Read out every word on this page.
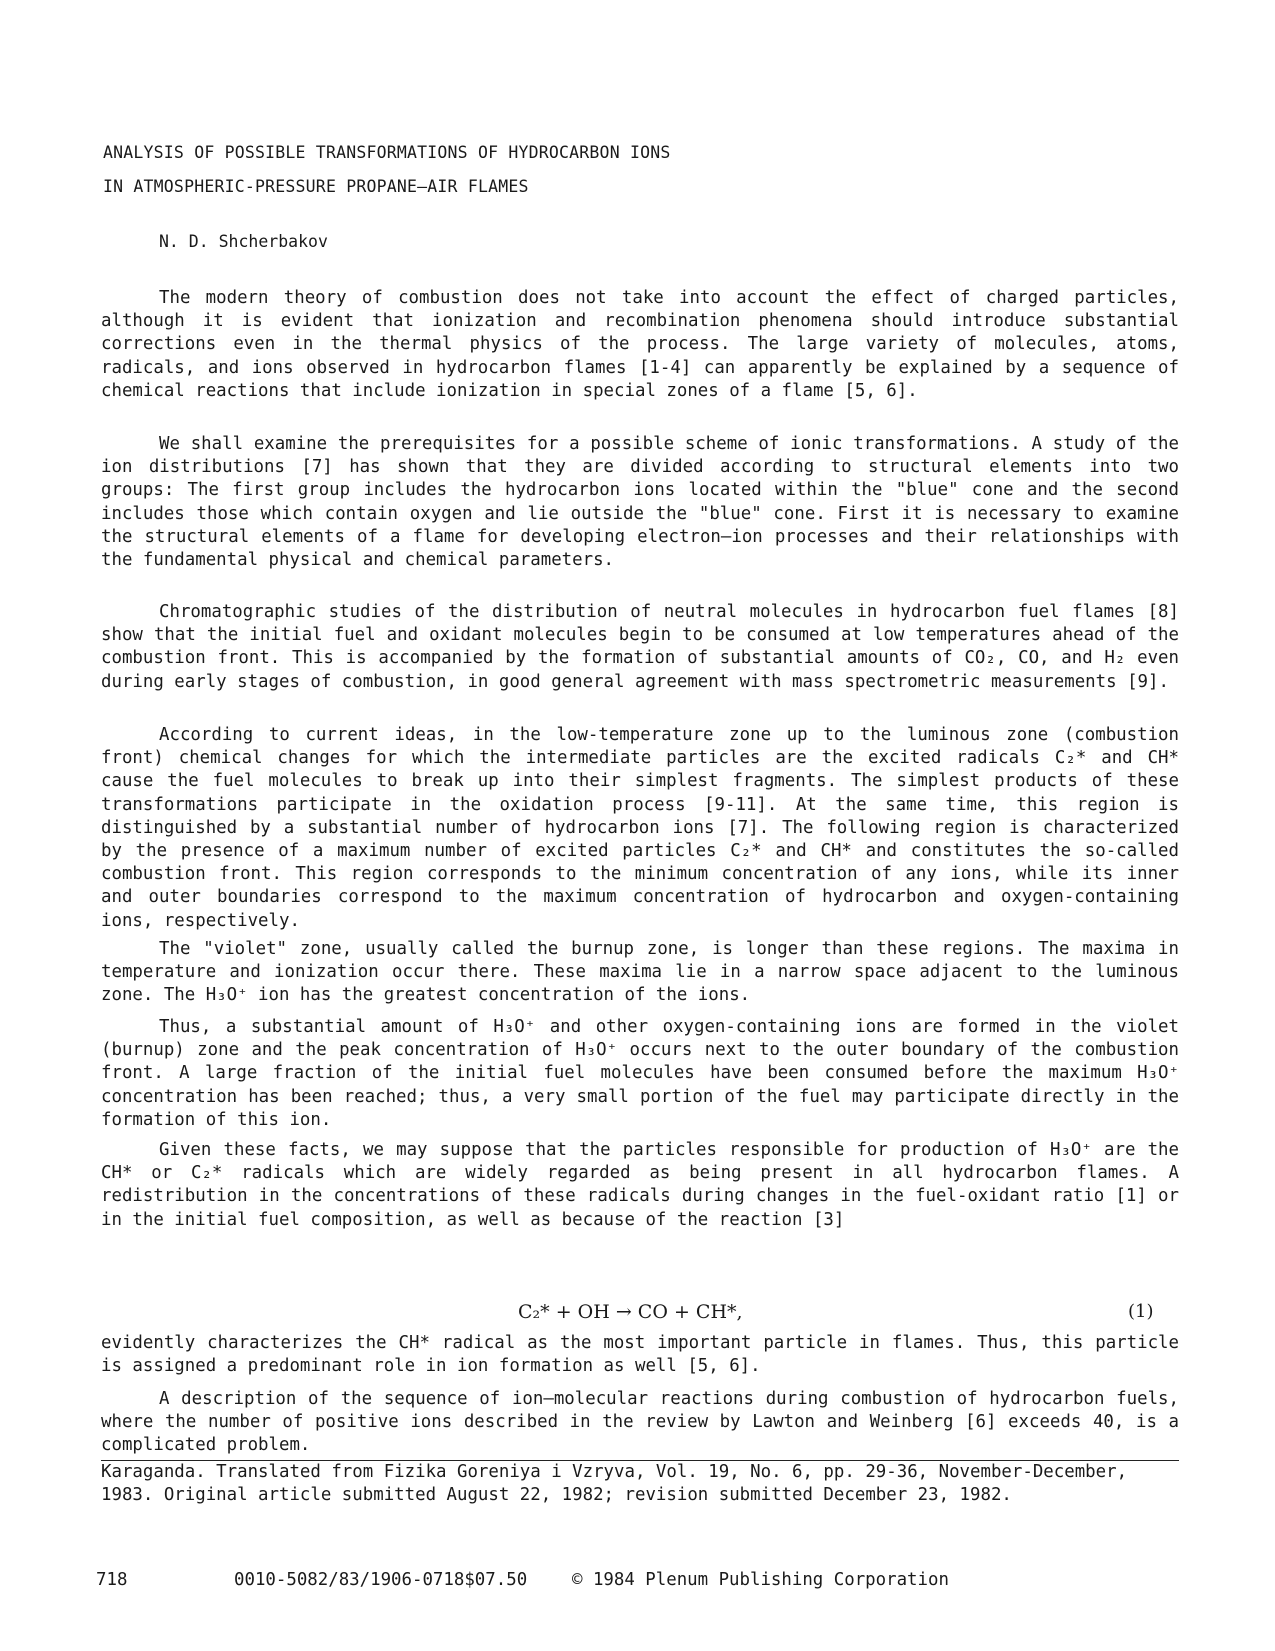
ANALYSIS OF POSSIBLE TRANSFORMATIONS OF HYDROCARBON IONS
IN ATMOSPHERIC-PRESSURE PROPANE—AIR FLAMES
N. D. Shcherbakov
The modern theory of combustion does not take into account the effect of charged particles, although it is evident that ionization and recombination phenomena should introduce substantial corrections even in the thermal physics of the process. The large variety of molecules, atoms, radicals, and ions observed in hydrocarbon flames [1-4] can apparently be explained by a sequence of chemical reactions that include ionization in special zones of a flame [5, 6].
We shall examine the prerequisites for a possible scheme of ionic transformations. A study of the ion distributions [7] has shown that they are divided according to structural elements into two groups: The first group includes the hydrocarbon ions located within the "blue" cone and the second includes those which contain oxygen and lie outside the "blue" cone. First it is necessary to examine the structural elements of a flame for developing electron—ion processes and their relationships with the fundamental physical and chemical parameters.
Chromatographic studies of the distribution of neutral molecules in hydrocarbon fuel flames [8] show that the initial fuel and oxidant molecules begin to be consumed at low temperatures ahead of the combustion front. This is accompanied by the formation of substantial amounts of CO₂, CO, and H₂ even during early stages of combustion, in good general agreement with mass spectrometric measurements [9].
According to current ideas, in the low-temperature zone up to the luminous zone (combustion front) chemical changes for which the intermediate particles are the excited radicals C₂* and CH* cause the fuel molecules to break up into their simplest fragments. The simplest products of these transformations participate in the oxidation process [9-11]. At the same time, this region is distinguished by a substantial number of hydrocarbon ions [7]. The following region is characterized by the presence of a maximum number of excited particles C₂* and CH* and constitutes the so-called combustion front. This region corresponds to the minimum concentration of any ions, while its inner and outer boundaries correspond to the maximum concentration of hydrocarbon and oxygen-containing ions, respectively.
The "violet" zone, usually called the burnup zone, is longer than these regions. The maxima in temperature and ionization occur there. These maxima lie in a narrow space adjacent to the luminous zone. The H₃O⁺ ion has the greatest concentration of the ions.
Thus, a substantial amount of H₃O⁺ and other oxygen-containing ions are formed in the violet (burnup) zone and the peak concentration of H₃O⁺ occurs next to the outer boundary of the combustion front. A large fraction of the initial fuel molecules have been consumed before the maximum H₃O⁺ concentration has been reached; thus, a very small portion of the fuel may participate directly in the formation of this ion.
Given these facts, we may suppose that the particles responsible for production of H₃O⁺ are the CH* or C₂* radicals which are widely regarded as being present in all hydrocarbon flames. A redistribution in the concentrations of these radicals during changes in the fuel-oxidant ratio [1] or in the initial fuel composition, as well as because of the reaction [3]
C₂* + OH → CO + CH*,	(1)
evidently characterizes the CH* radical as the most important particle in flames. Thus, this particle is assigned a predominant role in ion formation as well [5, 6].
A description of the sequence of ion—molecular reactions during combustion of hydrocarbon fuels, where the number of positive ions described in the review by Lawton and Weinberg [6] exceeds 40, is a complicated problem.
Karaganda. Translated from Fizika Goreniya i Vzryva, Vol. 19, No. 6, pp. 29-36, November-December, 1983. Original article submitted August 22, 1982; revision submitted December 23, 1982.
718	0010-5082/83/1906-0718$07.50	© 1984 Plenum Publishing Corporation
